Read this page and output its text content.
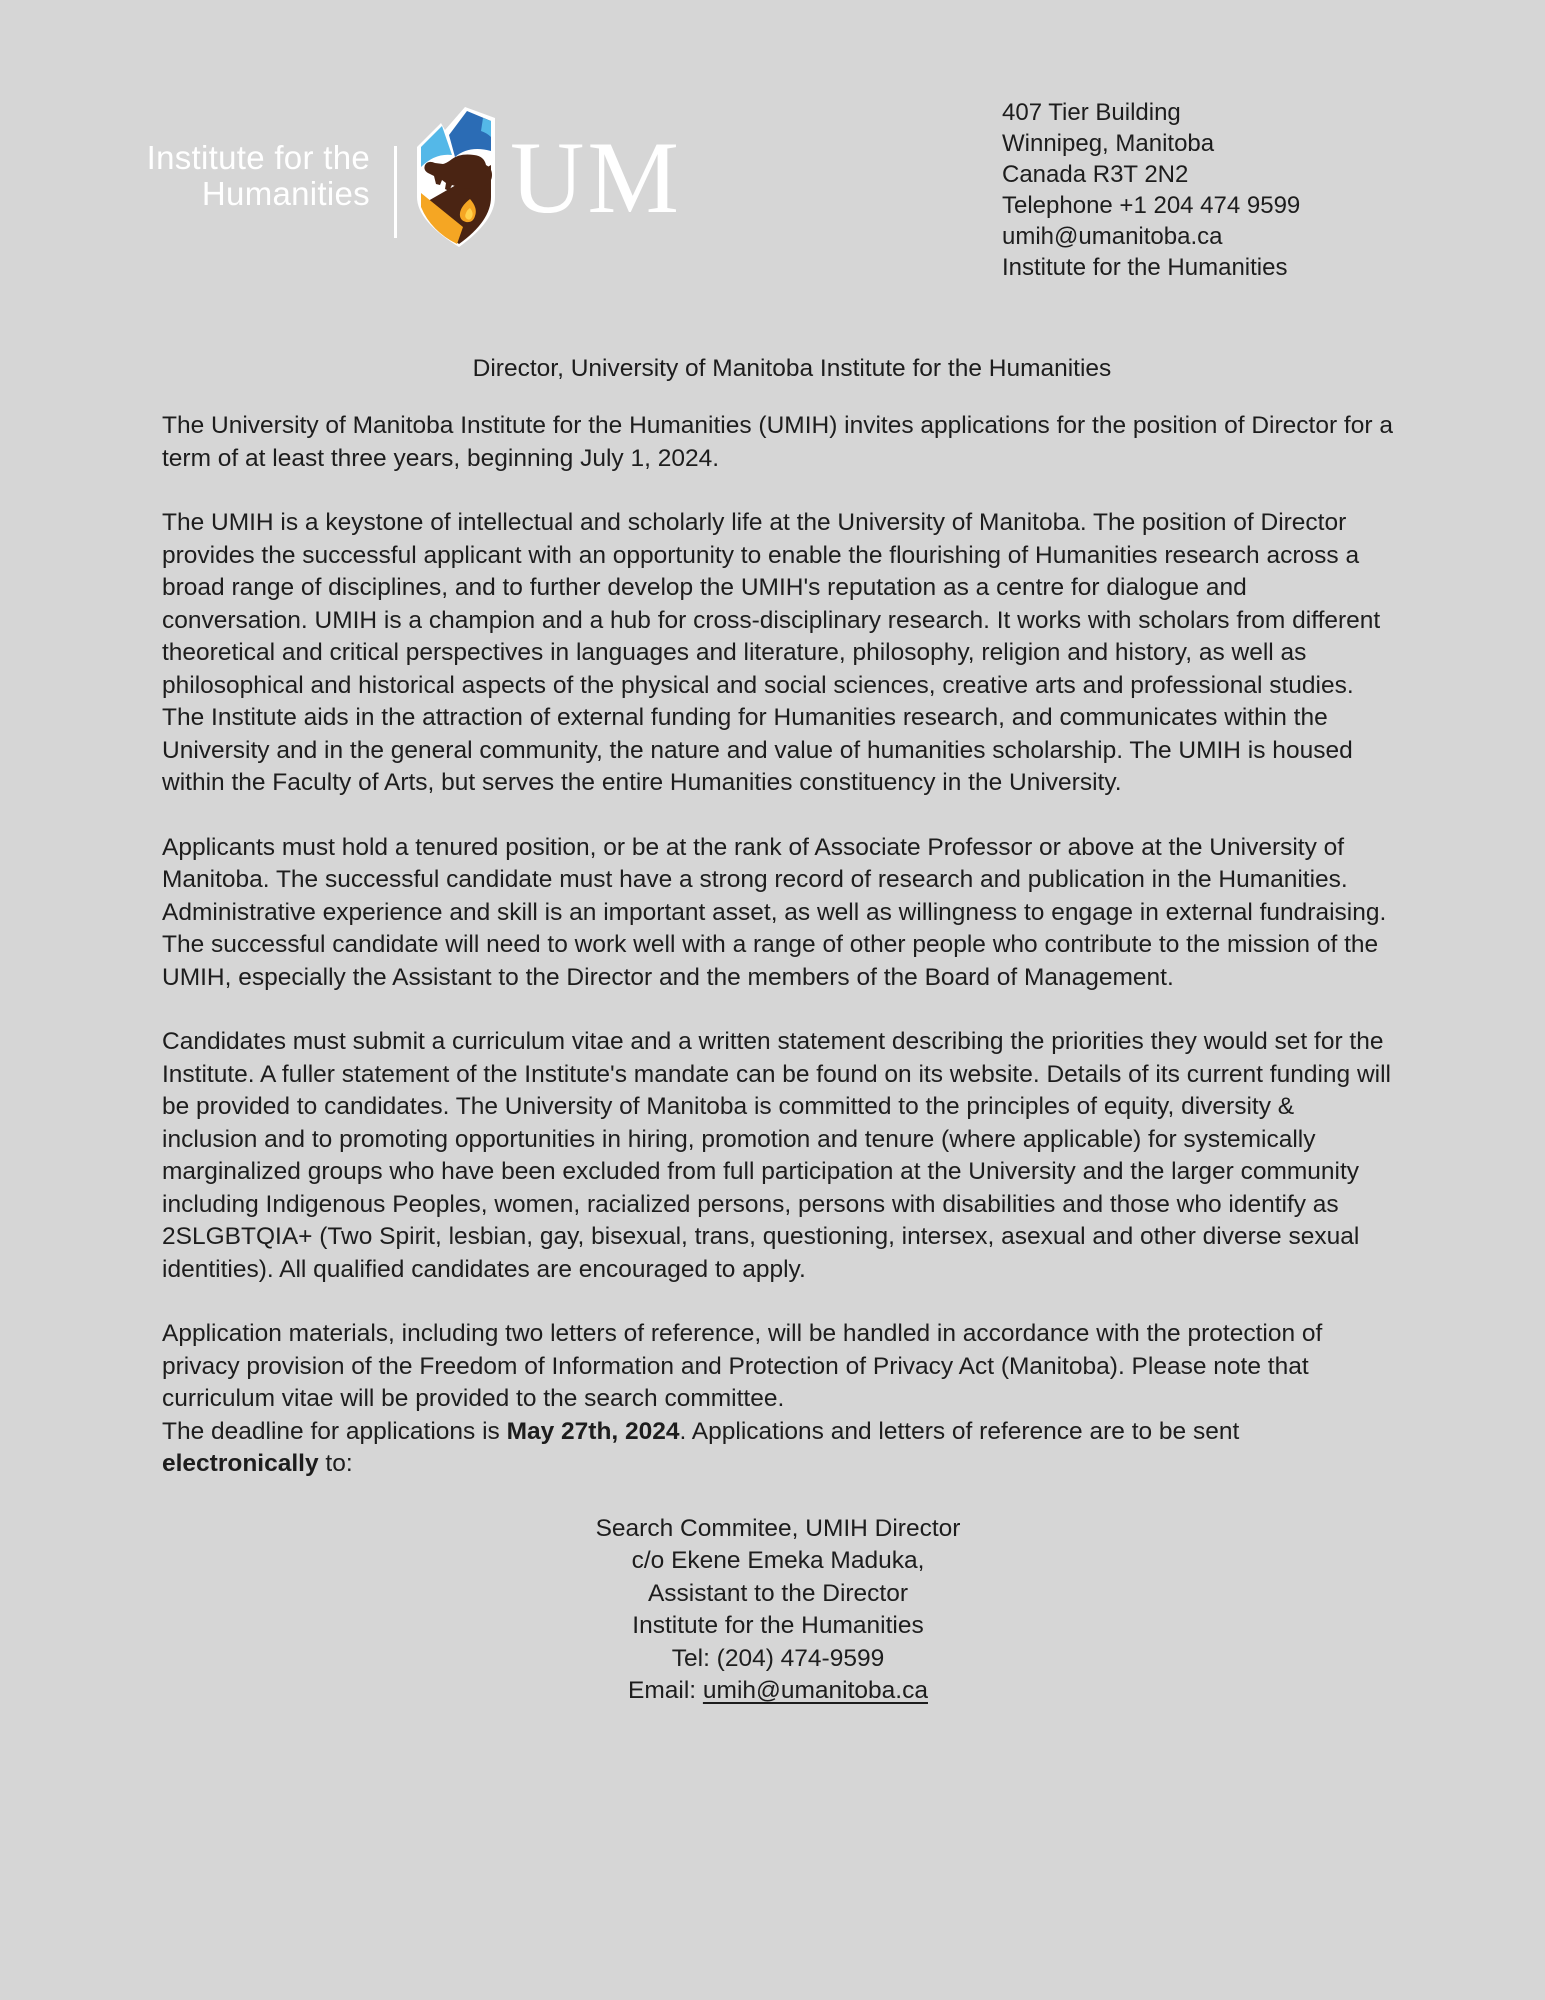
Institute for the
Humanities UM
407 Tier Building
Winnipeg, Manitoba
Canada R3T 2N2
Telephone +1 204 474 9599
umih@umanitoba.ca
Institute for the Humanities
Director, University of Manitoba Institute for the Humanities

The University of Manitoba Institute for the Humanities (UMIH) invites applications for the position of Director for a term of at least three years, beginning July 1, 2024.

The UMIH is a keystone of intellectual and scholarly life at the University of Manitoba. The position of Director provides the successful applicant with an opportunity to enable the flourishing of Humanities research across a broad range of disciplines, and to further develop the UMIH's reputation as a centre for dialogue and conversation. UMIH is a champion and a hub for cross-disciplinary research. It works with scholars from different theoretical and critical perspectives in languages and literature, philosophy, religion and history, as well as philosophical and historical aspects of the physical and social sciences, creative arts and professional studies. The Institute aids in the attraction of external funding for Humanities research, and communicates within the University and in the general community, the nature and value of humanities scholarship. The UMIH is housed within the Faculty of Arts, but serves the entire Humanities constituency in the University.

Applicants must hold a tenured position, or be at the rank of Associate Professor or above at the University of Manitoba. The successful candidate must have a strong record of research and publication in the Humanities. Administrative experience and skill is an important asset, as well as willingness to engage in external fundraising. The successful candidate will need to work well with a range of other people who contribute to the mission of the UMIH, especially the Assistant to the Director and the members of the Board of Management.

Candidates must submit a curriculum vitae and a written statement describing the priorities they would set for the Institute. A fuller statement of the Institute's mandate can be found on its website. Details of its current funding will be provided to candidates. The University of Manitoba is committed to the principles of equity, diversity & inclusion and to promoting opportunities in hiring, promotion and tenure (where applicable) for systemically marginalized groups who have been excluded from full participation at the University and the larger community including Indigenous Peoples, women, racialized persons, persons with disabilities and those who identify as 2SLGBTQIA+ (Two Spirit, lesbian, gay, bisexual, trans, questioning, intersex, asexual and other diverse sexual identities). All qualified candidates are encouraged to apply.

Application materials, including two letters of reference, will be handled in accordance with the protection of privacy provision of the Freedom of Information and Protection of Privacy Act (Manitoba). Please note that curriculum vitae will be provided to the search committee.
The deadline for applications is May 27th, 2024. Applications and letters of reference are to be sent electronically to:

Search Commitee, UMIH Director
c/o Ekene Emeka Maduka,
Assistant to the Director
Institute for the Humanities
Tel: (204) 474-9599
Email: umih@umanitoba.ca
